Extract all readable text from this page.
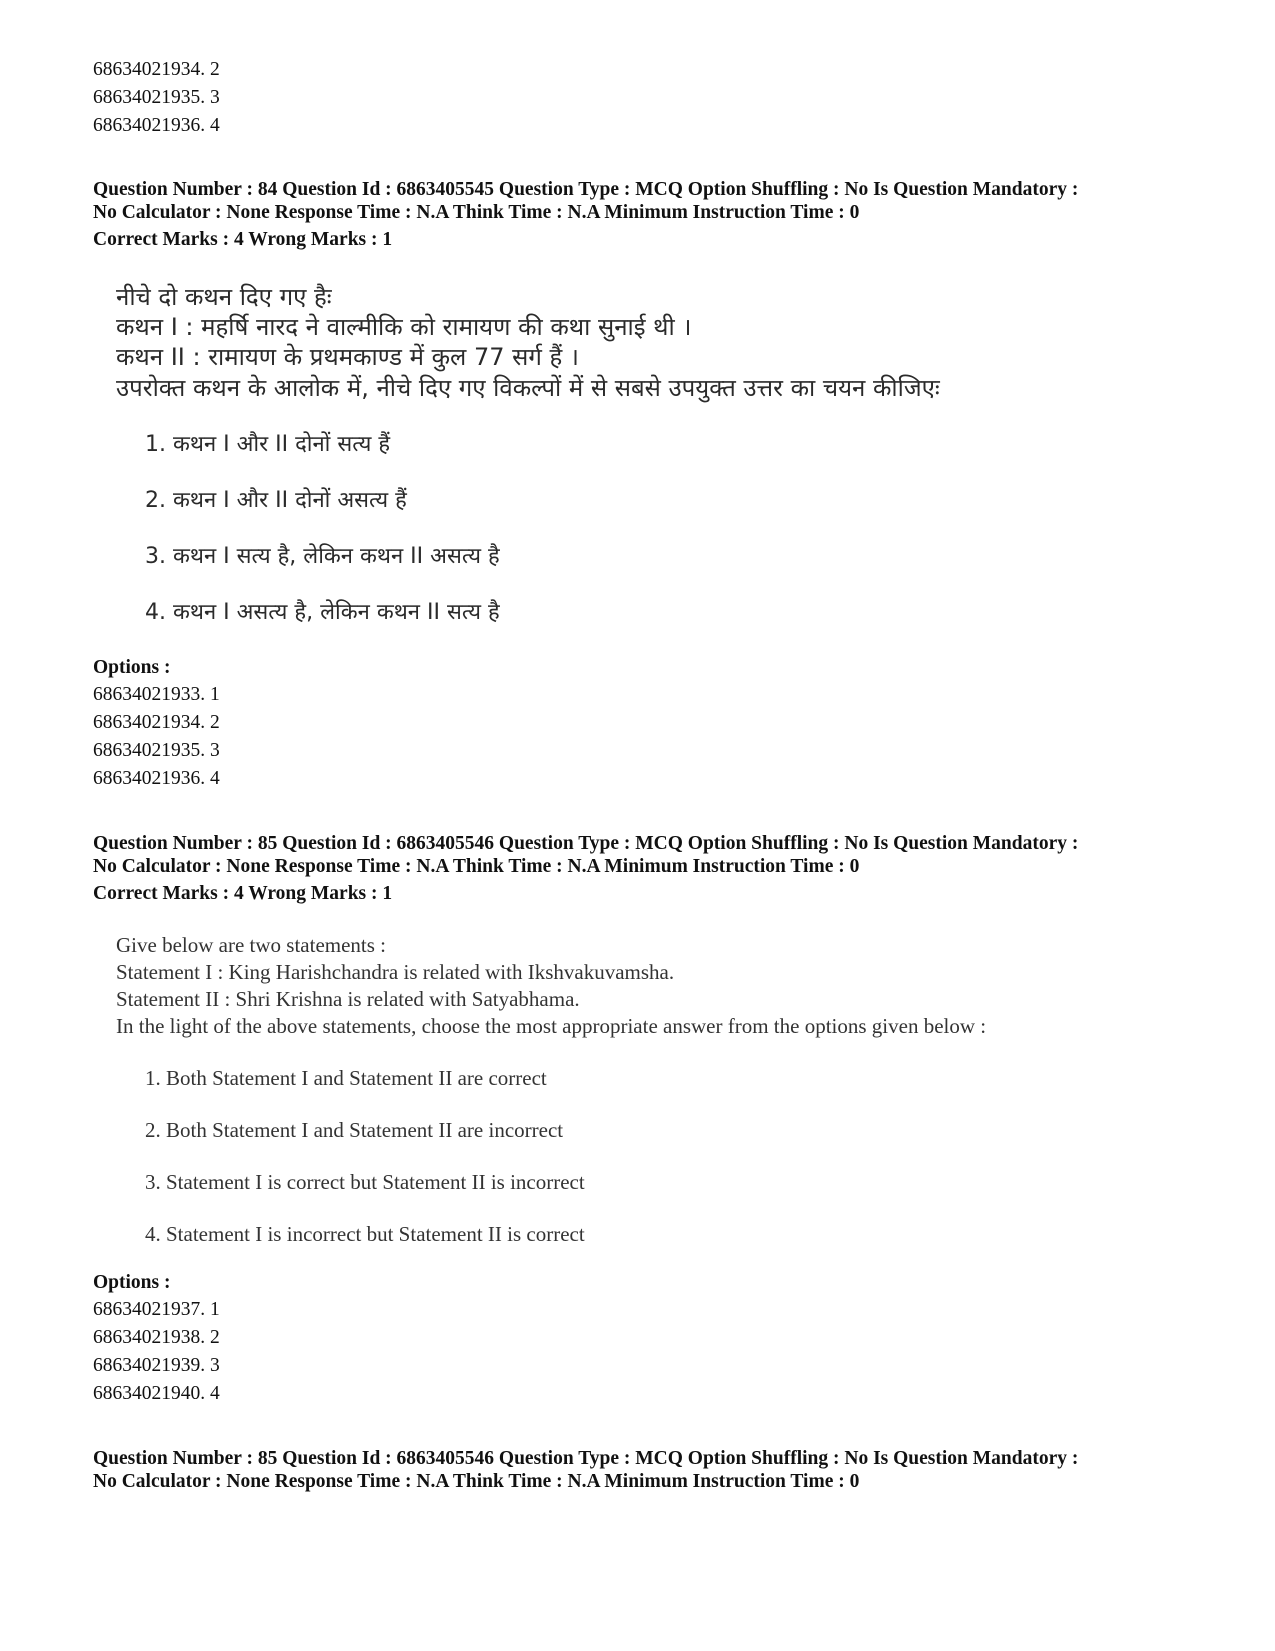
68634021934. 2
68634021935. 3
68634021936. 4
Question Number : 84 Question Id : 6863405545 Question Type : MCQ Option Shuffling : No Is Question Mandatory :
No Calculator : None Response Time : N.A Think Time : N.A Minimum Instruction Time : 0
Correct Marks : 4 Wrong Marks : 1
नीचे दो कथन दिए गए हैः
कथन I : महर्षि नारद ने वाल्मीकि को रामायण की कथा सुनाई थी ।
कथन II : रामायण के प्रथमकाण्ड में कुल 77 सर्ग हैं ।
उपरोक्त कथन के आलोक में, नीचे दिए गए विकल्पों में से सबसे उपयुक्त उत्तर का चयन कीजिएः
1. कथन I और II दोनों सत्य हैं
2. कथन I और II दोनों असत्य हैं
3. कथन I सत्य है, लेकिन कथन II असत्य है
4. कथन I असत्य है, लेकिन कथन II सत्य है
Options :
68634021933. 1
68634021934. 2
68634021935. 3
68634021936. 4
Question Number : 85 Question Id : 6863405546 Question Type : MCQ Option Shuffling : No Is Question Mandatory :
No Calculator : None Response Time : N.A Think Time : N.A Minimum Instruction Time : 0
Correct Marks : 4 Wrong Marks : 1
Give below are two statements :
Statement I : King Harishchandra is related with Ikshvakuvamsha.
Statement II : Shri Krishna is related with Satyabhama.
In the light of the above statements, choose the most appropriate answer from the options given below :
1. Both Statement I and Statement II are correct
2. Both Statement I and Statement II are incorrect
3. Statement I is correct but Statement II is incorrect
4. Statement I is incorrect but Statement II is correct
Options :
68634021937. 1
68634021938. 2
68634021939. 3
68634021940. 4
Question Number : 85 Question Id : 6863405546 Question Type : MCQ Option Shuffling : No Is Question Mandatory :
No Calculator : None Response Time : N.A Think Time : N.A Minimum Instruction Time : 0
